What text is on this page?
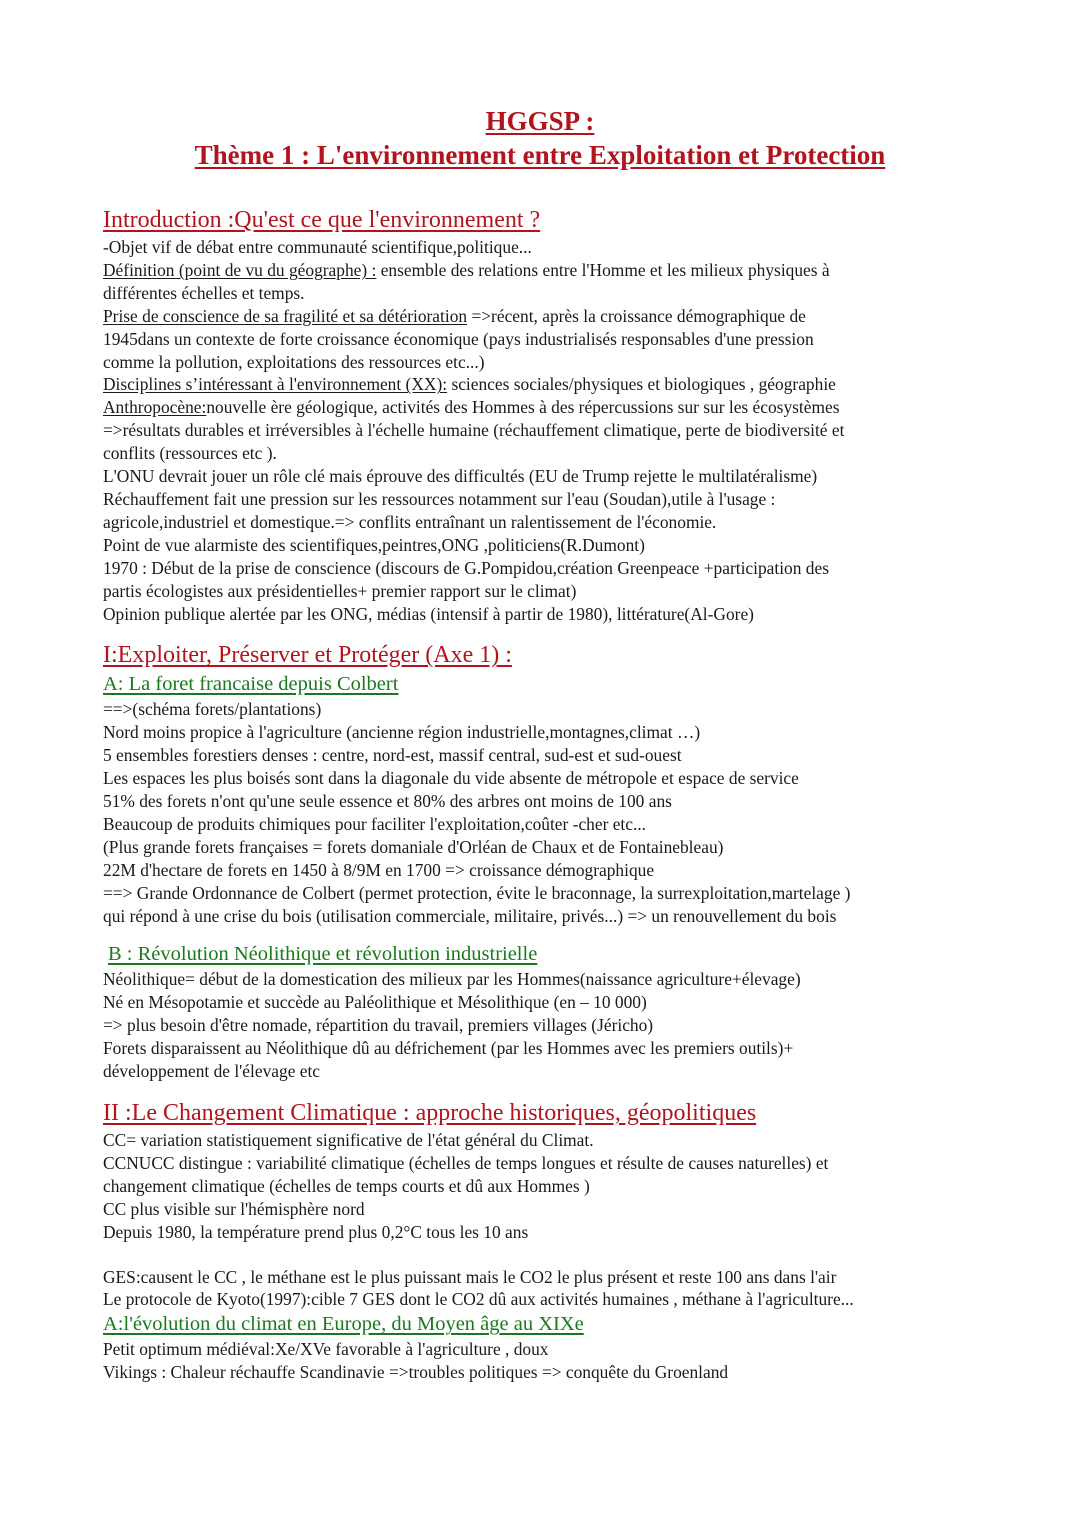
HGGSP :
Thème 1 : L'environnement entre Exploitation et Protection
Introduction :Qu'est ce que l'environnement ?
-Objet vif de débat entre communauté scientifique,politique...
Définition (point de vu du géographe) : ensemble des relations entre l'Homme et les milieux physiques à
différentes échelles et temps.
Prise de conscience de sa fragilité et sa détérioration =>récent, après la croissance démographique de
1945dans un contexte de forte croissance économique (pays industrialisés responsables d'une pression
comme la pollution, exploitations des ressources etc...)
Disciplines s’intéressant à l'environnement (XX): sciences sociales/physiques et biologiques , géographie
Anthropocène:nouvelle ère géologique, activités des Hommes à des répercussions sur sur les écosystèmes
=>résultats durables et irréversibles à l'échelle humaine (réchauffement climatique, perte de biodiversité et
conflits (ressources etc ).
L'ONU devrait jouer un rôle clé mais éprouve des difficultés (EU de Trump rejette le multilatéralisme)
Réchauffement fait une pression sur les ressources notamment sur l'eau (Soudan),utile à l'usage :
agricole,industriel et domestique.=> conflits entraînant un ralentissement de l'économie.
Point de vue alarmiste des scientifiques,peintres,ONG ,politiciens(R.Dumont)
1970 : Début de la prise de conscience (discours de G.Pompidou,création Greenpeace +participation des
partis écologistes aux présidentielles+ premier rapport sur le climat)
Opinion publique alertée par les ONG, médias (intensif à partir de 1980), littérature(Al-Gore)
I:Exploiter, Préserver et Protéger (Axe 1) :
A: La foret francaise depuis Colbert
==>(schéma forets/plantations)
Nord moins propice à l'agriculture (ancienne région industrielle,montagnes,climat …)
5 ensembles forestiers denses : centre, nord-est, massif central, sud-est et sud-ouest
Les espaces les plus boisés sont dans la diagonale du vide absente de métropole et espace de service
51% des forets n'ont qu'une seule essence et 80% des arbres ont moins de 100 ans
Beaucoup de produits chimiques pour faciliter l'exploitation,coûter -cher etc...
(Plus grande forets françaises = forets domaniale d'Orléan de Chaux et de Fontainebleau)
22M d'hectare de forets en 1450 à 8/9M en 1700 => croissance démographique
==> Grande Ordonnance de Colbert (permet protection, évite le braconnage, la surrexploitation,martelage )
qui répond à une crise du bois (utilisation commerciale, militaire, privés...) => un renouvellement du bois
B : Révolution Néolithique et révolution industrielle
Néolithique= début de la domestication des milieux par les Hommes(naissance agriculture+élevage)
Né en Mésopotamie et succède au Paléolithique et Mésolithique (en – 10 000)
=> plus besoin d'être nomade, répartition du travail, premiers villages (Jéricho)
Forets disparaissent au Néolithique dû au défrichement (par les Hommes avec les premiers outils)+
développement de l'élevage etc
II :Le Changement Climatique : approche historiques, géopolitiques
CC= variation statistiquement significative de l'état général du Climat.
CCNUCC distingue : variabilité climatique (échelles de temps longues et résulte de causes naturelles) et
changement climatique (échelles de temps courts et dû aux Hommes )
CC plus visible sur l'hémisphère nord
Depuis 1980, la température prend plus 0,2°C tous les 10 ans
GES:causent le CC , le méthane est le plus puissant mais le CO2 le plus présent et reste 100 ans dans l'air
Le protocole de Kyoto(1997):cible 7 GES dont le CO2 dû aux activités humaines , méthane à l'agriculture...
A:l'évolution du climat en Europe, du Moyen âge au XIXe
Petit optimum médiéval:Xe/XVe favorable à l'agriculture , doux
Vikings : Chaleur réchauffe Scandinavie =>troubles politiques => conquête du Groenland
